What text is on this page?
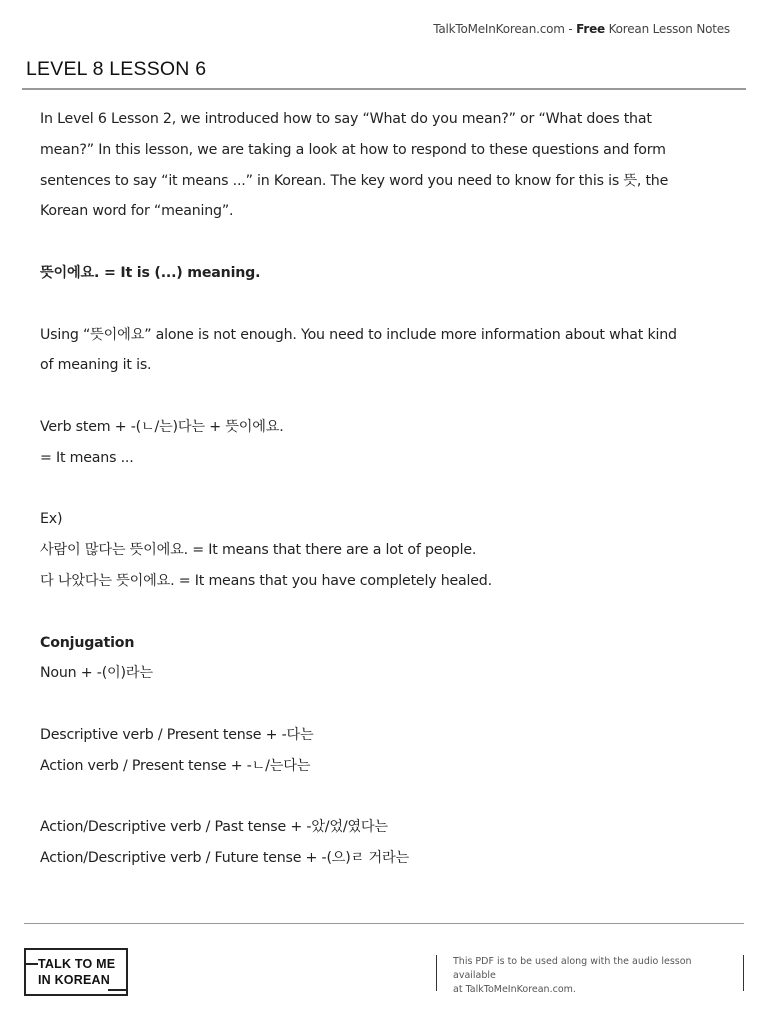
TalkToMeInKorean.com - Free Korean Lesson Notes
LEVEL 8 LESSON 6

In Level 6 Lesson 2, we introduced how to say “What do you mean?” or “What does that

mean?” In this lesson, we are taking a look at how to respond to these questions and form

sentences to say “it means ...” in Korean. The key word you need to know for this is 뜻, the

Korean word for “meaning”.

뜻이에요. = It is (...) meaning.

Using “뜻이에요” alone is not enough. You need to include more information about what kind

of meaning it is.

Verb stem + -(ㄴ/는)다는 + 뜻이에요.

= It means ...

Ex)

사람이 많다는 뜻이에요. = It means that there are a lot of people.

다 나았다는 뜻이에요. = It means that you have completely healed.

Conjugation

Noun + -(이)라는

Descriptive verb / Present tense + -다는

Action verb / Present tense + -ㄴ/는다는

Action/Descriptive verb / Past tense + -았/었/였다는

Action/Descriptive verb / Future tense + -(으)ㄹ 거라는

TALK TO ME
IN KOREAN
This PDF is to be used along with the audio lesson available
at TalkToMeInKorean.com.
